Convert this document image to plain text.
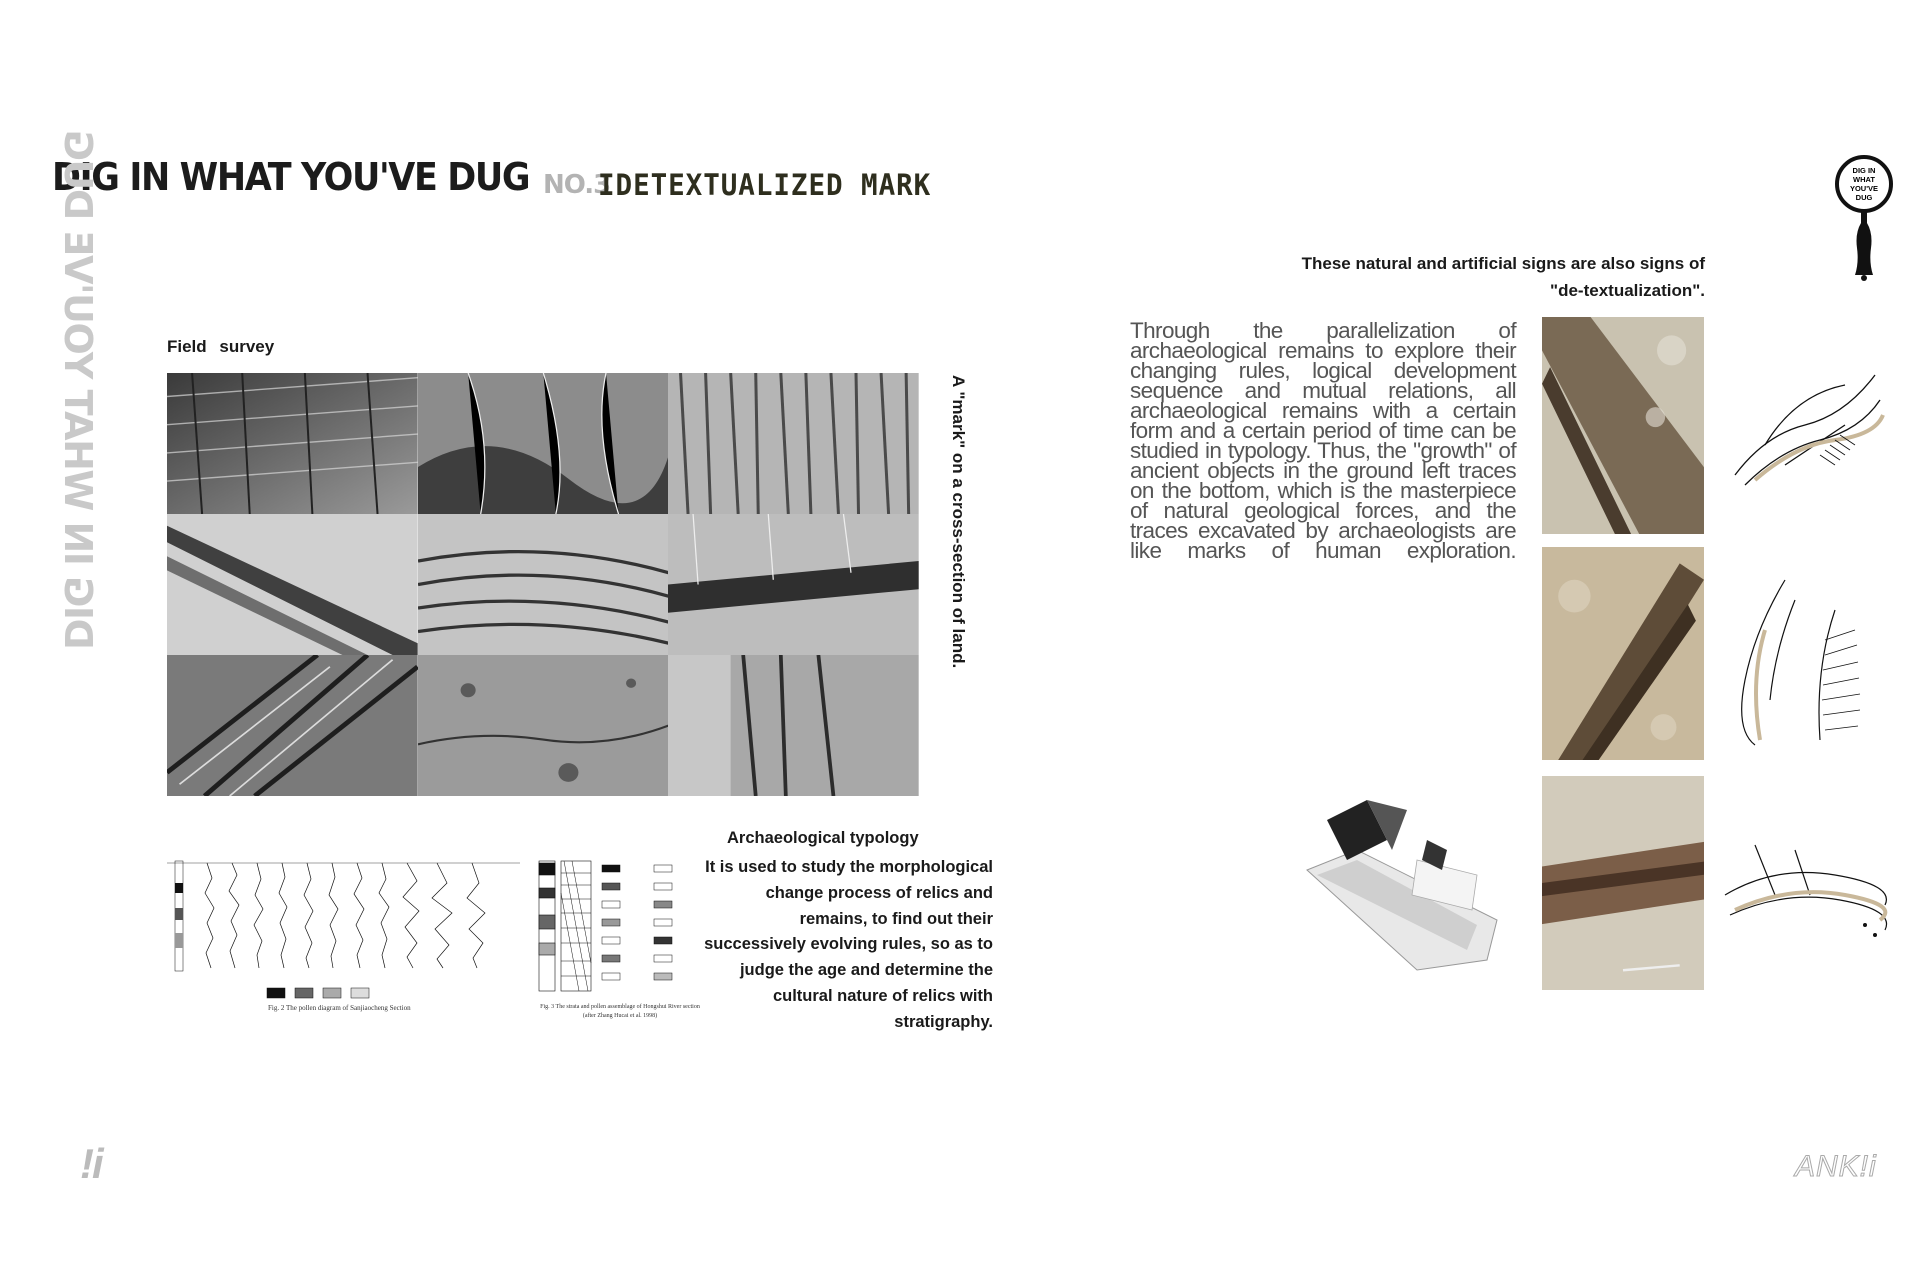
DIG IN WHAT YOU'VE DUG
DIG IN WHAT YOU'VE DUG	NO.3
IDETEXTUALIZED MARK	DIG IN
WHAT
YOU'VE
DUG
Field survey
A "mark" on a cross-section of land.
Fig. 2 The pollen diagram of Sanjiaocheng Section	Fig. 3 The strata and pollen assemblage of Hongshui River section (after Zhang Hucai et al. 1998)
Archaeological typology
It is used to study the morphological change process of relics and remains, to find out their successively evolving rules, so as to judge the age and determine the cultural nature of relics with stratigraphy.
These natural and artificial signs are also signs of
"de-textualization".
Through the parallelization of archaeological remains to explore their changing rules, logical development sequence and mutual relations, all archaeological remains with a certain form and a certain period of time can be studied in typology. Thus, the "growth" of ancient objects in the ground left traces on the bottom, which is the masterpiece of natural geological forces, and the traces excavated by archaeologists are like marks of human exploration.
!i	ANK!i
